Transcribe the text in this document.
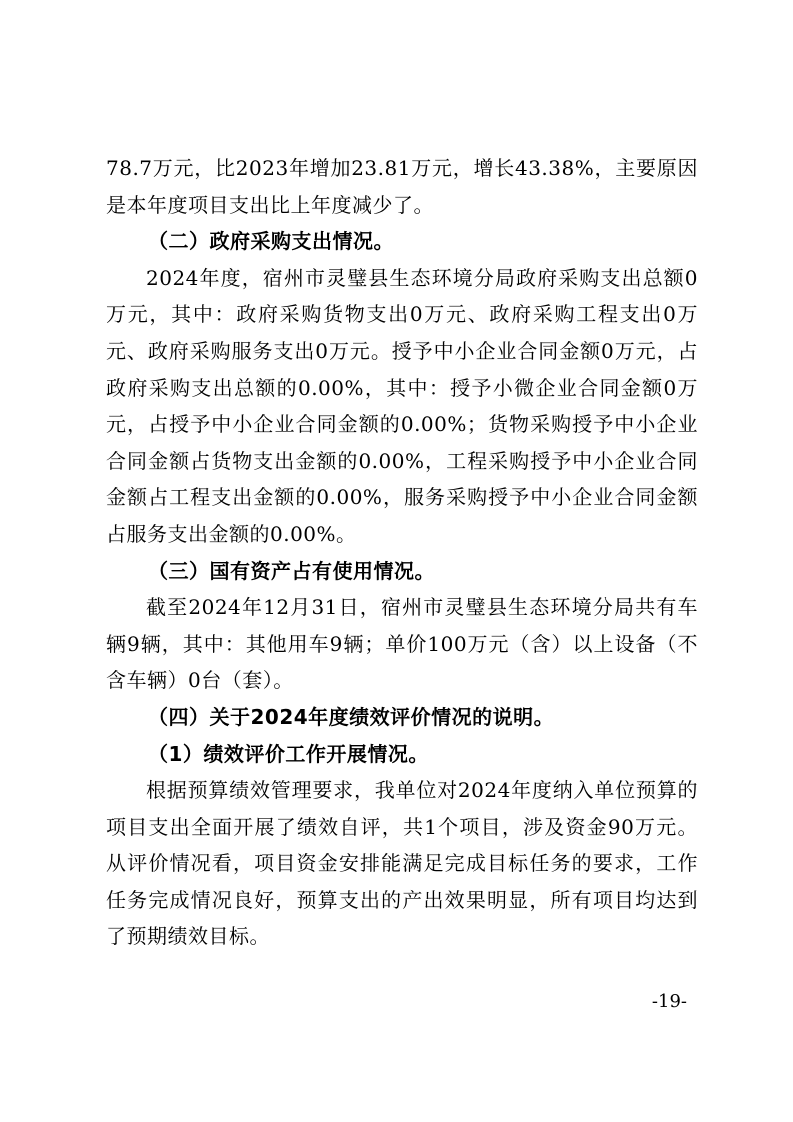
78.7万元，比2023年增加23.81万元，增长43.38%，主要原因是本年度项目支出比上年度减少了。

（二）政府采购支出情况。

2024年度，宿州市灵璧县生态环境分局政府采购支出总额0万元，其中：政府采购货物支出0万元、政府采购工程支出0万元、政府采购服务支出0万元。授予中小企业合同金额0万元，占政府采购支出总额的0.00%，其中：授予小微企业合同金额0万元，占授予中小企业合同金额的0.00%；货物采购授予中小企业合同金额占货物支出金额的0.00%，工程采购授予中小企业合同金额占工程支出金额的0.00%，服务采购授予中小企业合同金额占服务支出金额的0.00%。

（三）国有资产占有使用情况。

截至2024年12月31日，宿州市灵璧县生态环境分局共有车辆9辆，其中：其他用车9辆；单价100万元（含）以上设备（不含车辆）0台（套）。

（四）关于2024年度绩效评价情况的说明。

（1）绩效评价工作开展情况。

根据预算绩效管理要求，我单位对2024年度纳入单位预算的项目支出全面开展了绩效自评，共1个项目，涉及资金90万元。从评价情况看，项目资金安排能满足完成目标任务的要求，工作任务完成情况良好，预算支出的产出效果明显，所有项目均达到了预期绩效目标。

-19-
